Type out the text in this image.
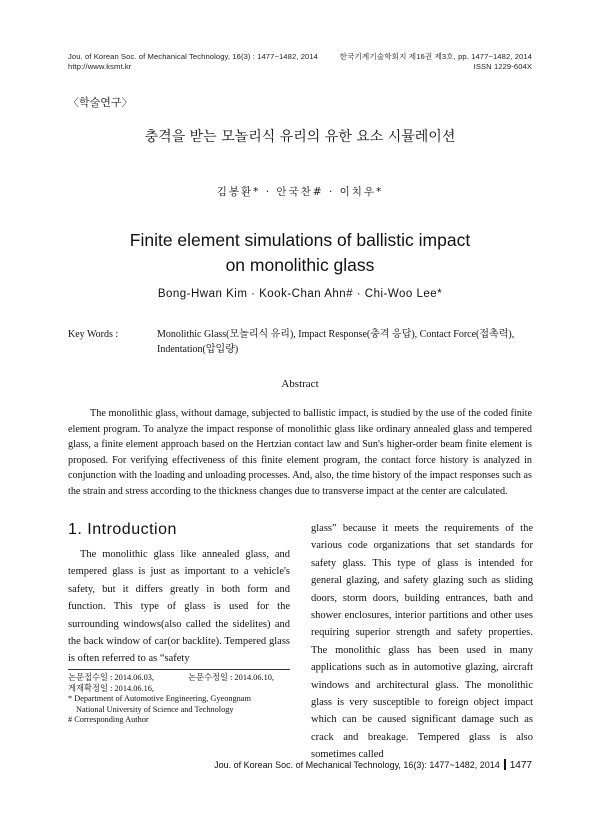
Jou. of Korean Soc. of Mechanical Technology, 16(3) : 1477~1482, 2014
http://www.ksmt.kr
한국기계기술학회지 제16권 제3호, pp. 1477~1482, 2014
ISSN 1229-604X
〈학술연구〉
충격을 받는 모놀리식 유리의 유한 요소 시뮬레이션
김봉환* · 안국찬# · 이치우*
Finite element simulations of ballistic impact
on monolithic glass
Bong-Hwan Kim · Kook-Chan Ahn# · Chi-Woo Lee*
Key Words :	Monolithic Glass(모놀리식 유리), Impact Response(충격 응답), Contact Force(접촉력),
Indentation(압입량)
Abstract
The monolithic glass, without damage, subjected to ballistic impact, is studied by the use of the coded finite element program. To analyze the impact response of monolithic glass like ordinary annealed glass and tempered glass, a finite element approach based on the Hertzian contact law and Sun's higher-order beam finite element is proposed. For verifying effectiveness of this finite element program, the contact force history is analyzed in conjunction with the loading and unloading processes. And, also, the time history of the impact responses such as the strain and stress according to the thickness changes due to transverse impact at the center are calculated.
1. Introduction
The monolithic glass like annealed glass, and tempered glass is just as important to a vehicle's safety, but it differs greatly in both form and function. This type of glass is used for the surrounding windows(also called the sidelites) and the back window of car(or backlite). Tempered glass is often referred to as “safety
glass” because it meets the requirements of the various code organizations that set standards for safety glass. This type of glass is intended for general glazing, and safety glazing such as sliding doors, storm doors, building entrances, bath and shower enclosures, interior partitions and other uses requiring superior strength and safety properties. The monolithic glass has been used in many applications such as in automotive glazing, aircraft windows and architectural glass. The monolithic glass is very susceptible to foreign object impact which can be caused significant damage such as crack and breakage. Tempered glass is also sometimes called
논문접수일 : 2014.06.03,	논문수정일 : 2014.06.10,
게재확정일 : 2014.06.16,
* Department of Automotive Engineering, Gyeongnam
National University of Science and Technology
# Corresponding Author
Jou. of Korean Soc. of Mechanical Technology, 16(3): 1477~1482, 2014 1477
